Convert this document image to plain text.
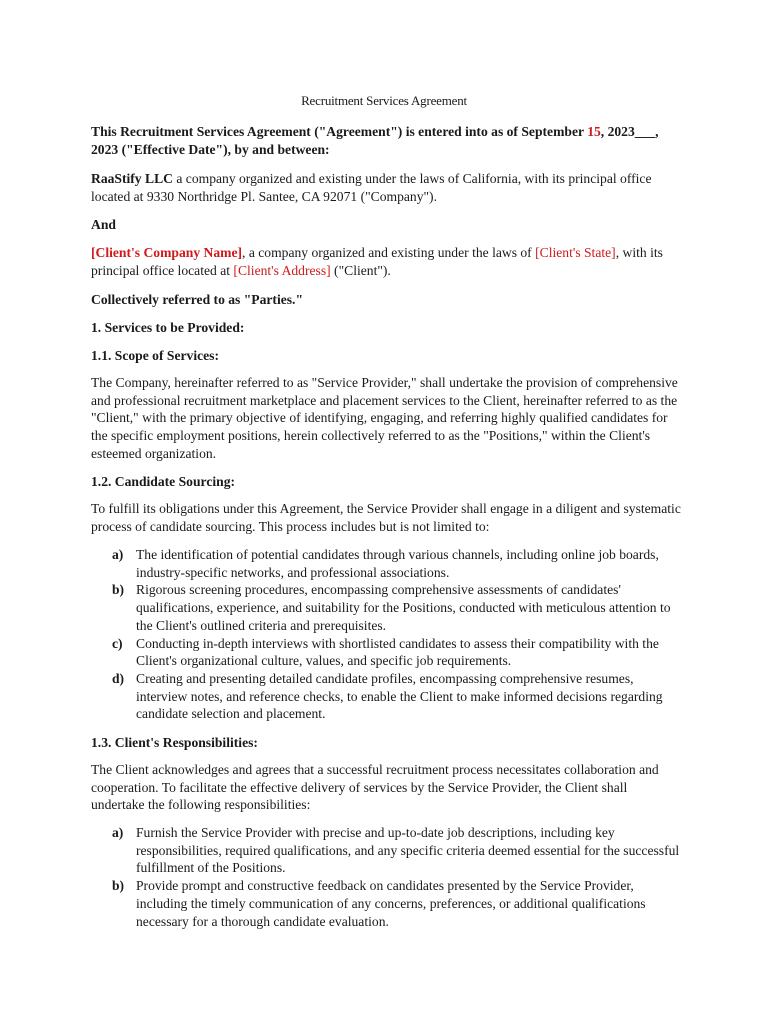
Recruitment Services Agreement
This Recruitment Services Agreement ("Agreement") is entered into as of September 15, 2023___, 2023 ("Effective Date"), by and between:
RaaStify LLC a company organized and existing under the laws of California, with its principal office located at 9330 Northridge Pl. Santee, CA 92071 ("Company").
And
[Client's Company Name], a company organized and existing under the laws of [Client's State], with its principal office located at [Client's Address] ("Client").
Collectively referred to as "Parties."
1. Services to be Provided:
1.1. Scope of Services:
The Company, hereinafter referred to as "Service Provider," shall undertake the provision of comprehensive and professional recruitment marketplace and placement services to the Client, hereinafter referred to as the "Client," with the primary objective of identifying, engaging, and referring highly qualified candidates for the specific employment positions, herein collectively referred to as the "Positions," within the Client's esteemed organization.
1.2. Candidate Sourcing:
To fulfill its obligations under this Agreement, the Service Provider shall engage in a diligent and systematic process of candidate sourcing. This process includes but is not limited to:
a) The identification of potential candidates through various channels, including online job boards, industry-specific networks, and professional associations.
b) Rigorous screening procedures, encompassing comprehensive assessments of candidates' qualifications, experience, and suitability for the Positions, conducted with meticulous attention to the Client's outlined criteria and prerequisites.
c) Conducting in-depth interviews with shortlisted candidates to assess their compatibility with the Client's organizational culture, values, and specific job requirements.
d) Creating and presenting detailed candidate profiles, encompassing comprehensive resumes, interview notes, and reference checks, to enable the Client to make informed decisions regarding candidate selection and placement.
1.3. Client's Responsibilities:
The Client acknowledges and agrees that a successful recruitment process necessitates collaboration and cooperation. To facilitate the effective delivery of services by the Service Provider, the Client shall undertake the following responsibilities:
a) Furnish the Service Provider with precise and up-to-date job descriptions, including key responsibilities, required qualifications, and any specific criteria deemed essential for the successful fulfillment of the Positions.
b) Provide prompt and constructive feedback on candidates presented by the Service Provider, including the timely communication of any concerns, preferences, or additional qualifications necessary for a thorough candidate evaluation.
